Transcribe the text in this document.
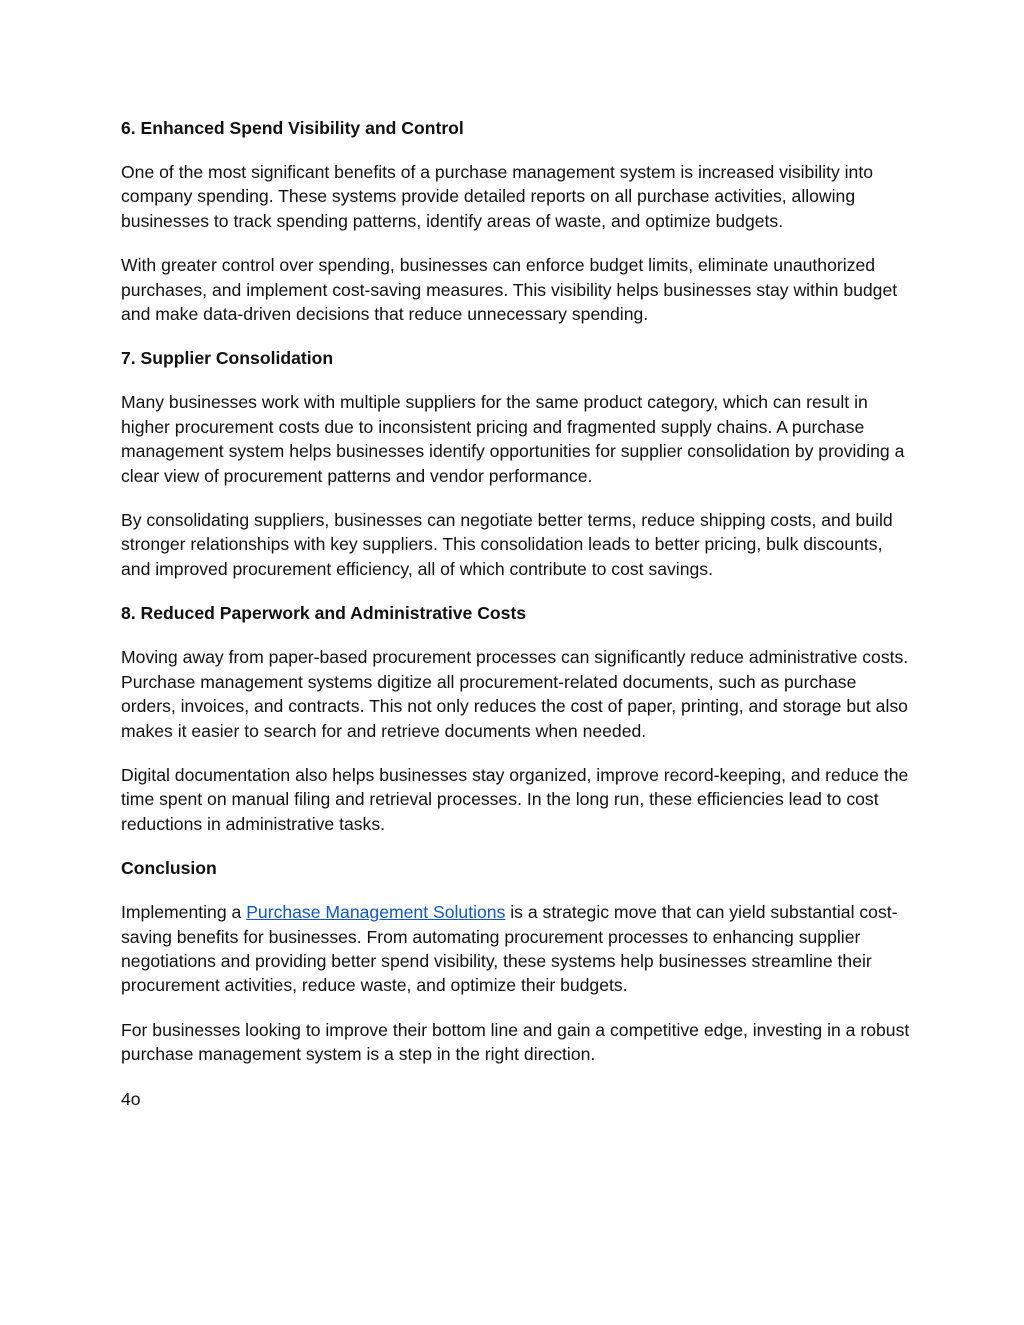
6. Enhanced Spend Visibility and Control

One of the most significant benefits of a purchase management system is increased visibility into company spending. These systems provide detailed reports on all purchase activities, allowing businesses to track spending patterns, identify areas of waste, and optimize budgets.

With greater control over spending, businesses can enforce budget limits, eliminate unauthorized purchases, and implement cost-saving measures. This visibility helps businesses stay within budget and make data-driven decisions that reduce unnecessary spending.

7. Supplier Consolidation

Many businesses work with multiple suppliers for the same product category, which can result in higher procurement costs due to inconsistent pricing and fragmented supply chains. A purchase management system helps businesses identify opportunities for supplier consolidation by providing a clear view of procurement patterns and vendor performance.

By consolidating suppliers, businesses can negotiate better terms, reduce shipping costs, and build stronger relationships with key suppliers. This consolidation leads to better pricing, bulk discounts, and improved procurement efficiency, all of which contribute to cost savings.

8. Reduced Paperwork and Administrative Costs

Moving away from paper-based procurement processes can significantly reduce administrative costs. Purchase management systems digitize all procurement-related documents, such as purchase orders, invoices, and contracts. This not only reduces the cost of paper, printing, and storage but also makes it easier to search for and retrieve documents when needed.

Digital documentation also helps businesses stay organized, improve record-keeping, and reduce the time spent on manual filing and retrieval processes. In the long run, these efficiencies lead to cost reductions in administrative tasks.

Conclusion

Implementing a Purchase Management Solutions is a strategic move that can yield substantial cost-saving benefits for businesses. From automating procurement processes to enhancing supplier negotiations and providing better spend visibility, these systems help businesses streamline their procurement activities, reduce waste, and optimize their budgets.

For businesses looking to improve their bottom line and gain a competitive edge, investing in a robust purchase management system is a step in the right direction.

4o
